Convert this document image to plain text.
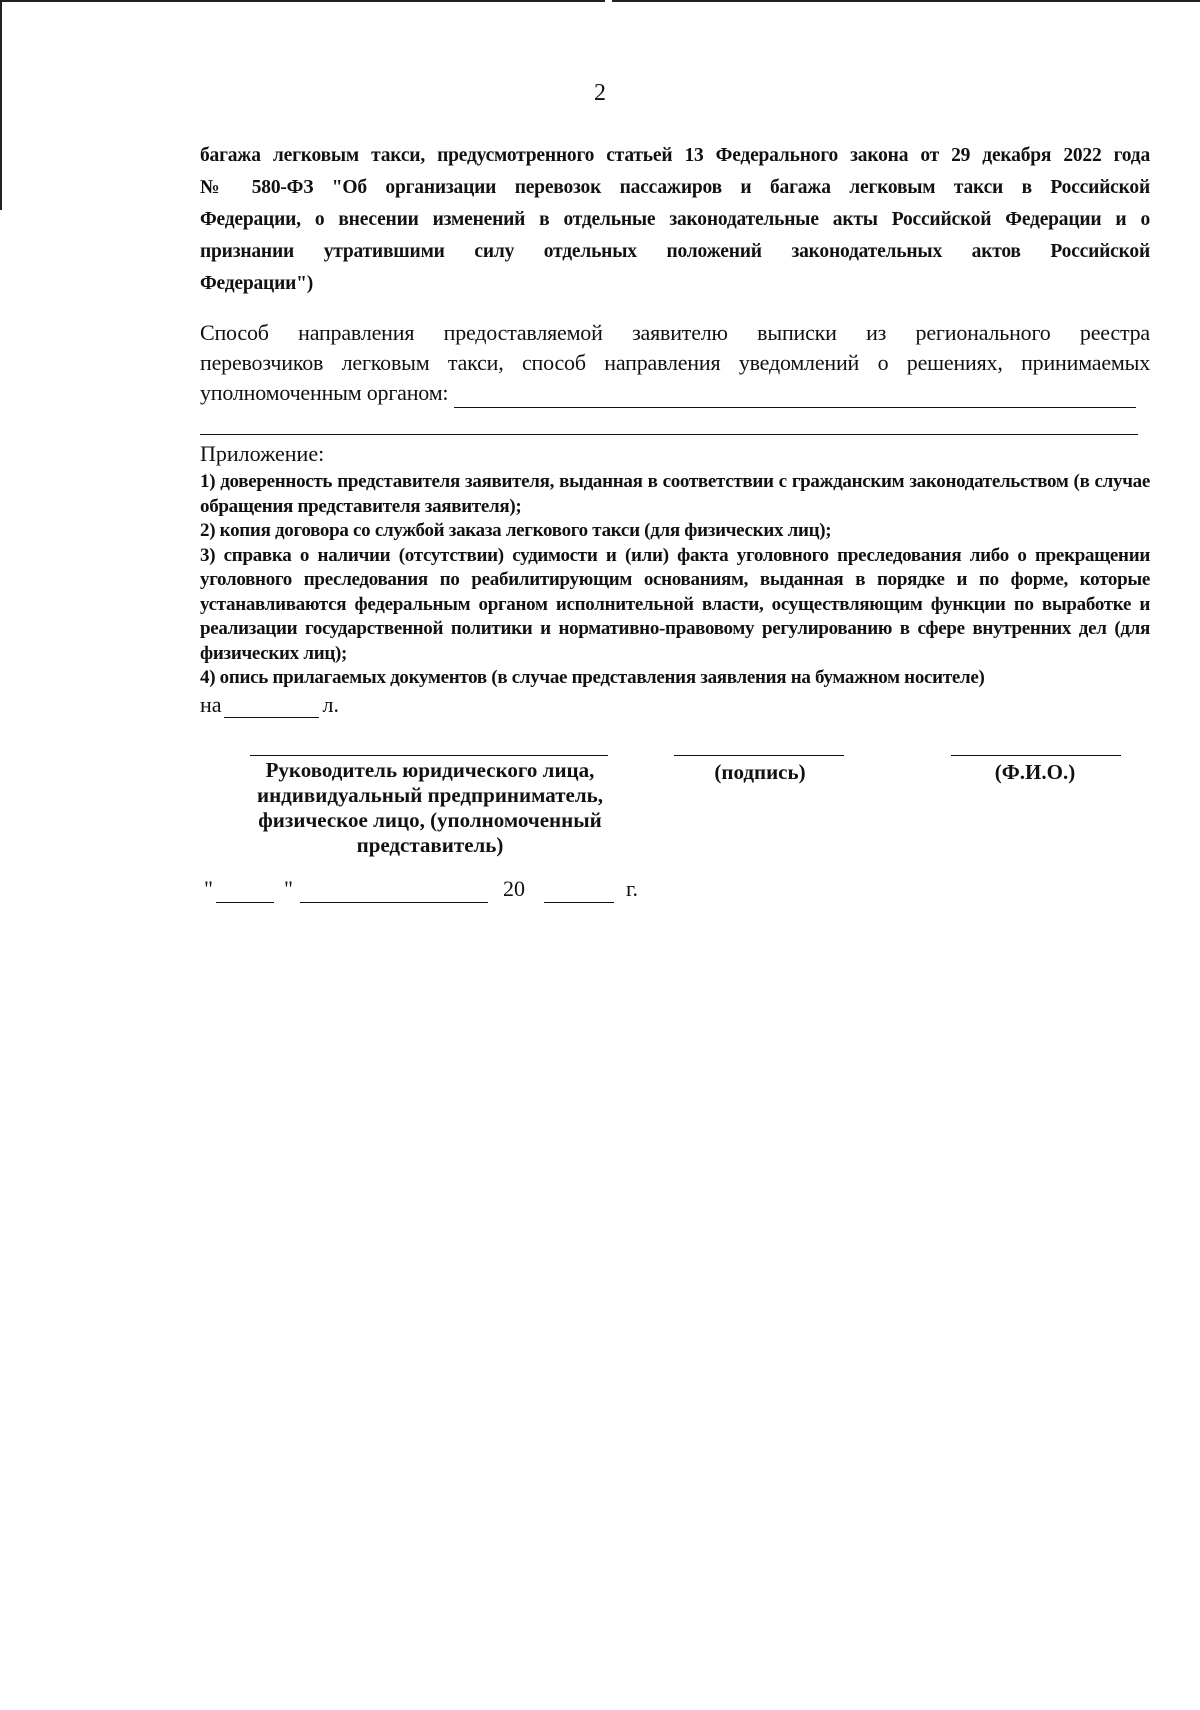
2
багажа легковым такси, предусмотренного статьей 13 Федерального закона от 29 декабря 2022 года
№ 580-ФЗ "Об организации перевозок пассажиров и багажа легковым такси в Российской
Федерации, о внесении изменений в отдельные законодательные акты Российской Федерации и о
признании утратившими силу отдельных положений законодательных актов Российской
Федерации")
Способ направления предоставляемой заявителю выписки из регионального реестра
перевозчиков легковым такси, способ направления уведомлений о решениях, принимаемых
уполномоченным органом:
Приложение:

1) доверенность представителя заявителя, выданная в соответствии с гражданским законодательством (в случае обращения представителя заявителя);

2) копия договора со службой заказа легкового такси (для физических лиц);

3) справка о наличии (отсутствии) судимости и (или) факта уголовного преследования либо о прекращении уголовного преследования по реабилитирующим основаниям, выданная в порядке и по форме, которые устанавливаются федеральным органом исполнительной власти, осуществляющим функции по выработке и реализации государственной политики и нормативно-правовому регулированию в сфере внутренних дел (для физических лиц);

4) опись прилагаемых документов (в случае представления заявления на бумажном носителе)

на	л.
Руководитель юридического лица, индивидуальный предприниматель, физическое лицо, (уполномоченный представитель)
(подпись)	(Ф.И.О.)
"	"	20	г.
